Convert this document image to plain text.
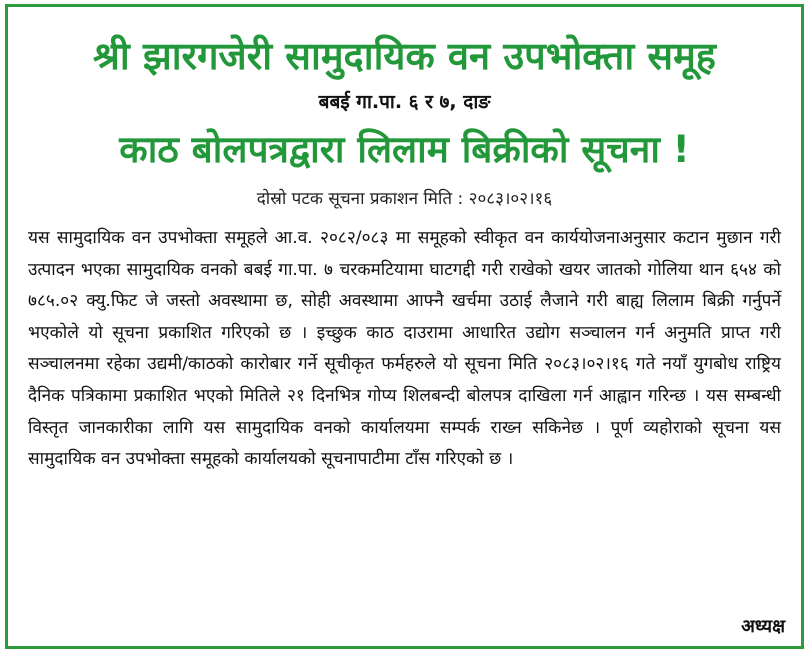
श्री झारगजेरी सामुदायिक वन उपभोक्ता समूह
बबई गा.पा. ६ र ७, दाङ
काठ बोलपत्रद्वारा लिलाम बिक्रीको सूचना !
दोस्रो पटक सूचना प्रकाशन मिति : २०८३।०२।१६
यस सामुदायिक वन उपभोक्ता समूहले आ.व. २०८२/०८३ मा समूहको स्वीकृत वन कार्ययोजनाअनुसार कटान मुछान गरी उत्पादन भएका सामुदायिक वनको बबई गा.पा. ७ चरकमटियामा घाटगद्दी गरी राखेको खयर जातको गोलिया थान ६५४ को ७८५.०२ क्यु.फिट जे जस्तो अवस्थामा छ, सोही अवस्थामा आफ्नै खर्चमा उठाई लैजाने गरी बाह्य लिलाम बिक्री गर्नुपर्ने भएकोले यो सूचना प्रकाशित गरिएको छ । इच्छुक काठ दाउरामा आधारित उद्योग सञ्चालन गर्न अनुमति प्राप्त गरी सञ्चालनमा रहेका उद्यमी/काठको कारोबार गर्ने सूचीकृत फर्महरुले यो सूचना मिति २०८३।०२।१६ गते नयाँ युगबोध राष्ट्रिय दैनिक पत्रिकामा प्रकाशित भएको मितिले २१ दिनभित्र गोप्य शिलबन्दी बोलपत्र दाखिला गर्न आह्वान गरिन्छ । यस सम्बन्धी विस्तृत जानकारीका लागि यस सामुदायिक वनको कार्यालयमा सम्पर्क राख्न सकिनेछ । पूर्ण व्यहोराको सूचना यस सामुदायिक वन उपभोक्ता समूहको कार्यालयको सूचनापाटीमा टाँस गरिएको छ ।
अध्यक्ष
